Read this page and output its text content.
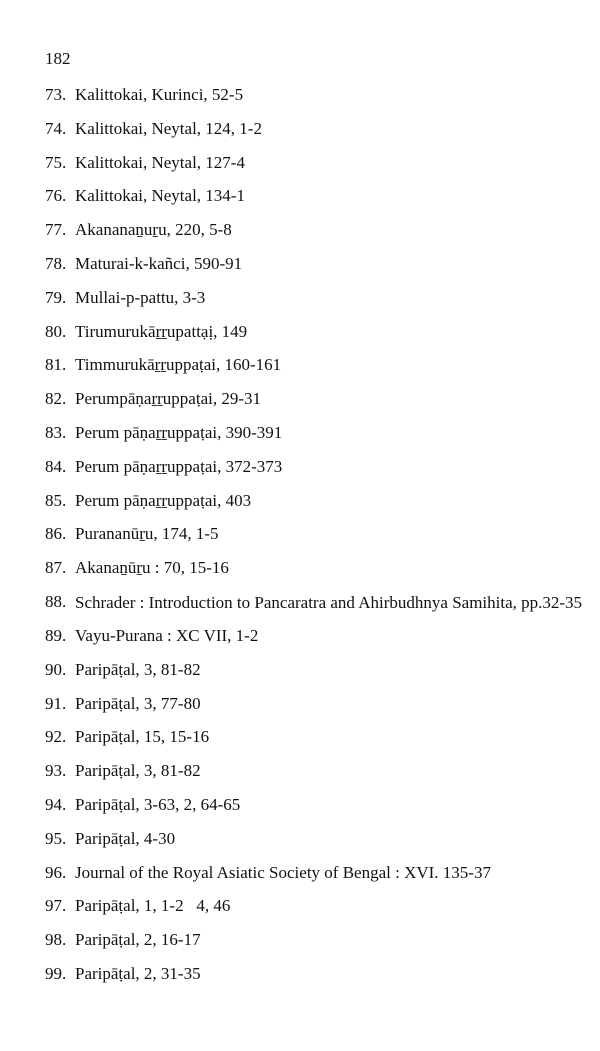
182
73. Kalittokai, Kurinci, 52-5
74. Kalittokai, Neytal, 124, 1-2
75. Kalittokai, Neytal, 127-4
76. Kalittokai, Neytal, 134-1
77. Akananaṉuṟu, 220, 5-8
78. Maturai-k-kañci, 590-91
79. Mullai-p-pattu, 3-3
80. Tirumurukāṟṟupattạị, 149
81. Timmurukāṟṟuppaṭai, 160-161
82. Perumpāṇaṟṟuppaṭai, 29-31
83. Perum pāṇaṟṟuppaṭai, 390-391
84. Perum pāṇaṟṟuppaṭai, 372-373
85. Perum pāṇaṟṟuppaṭai, 403
86. Purananūṟu, 174, 1-5
87. Akanaṉūṟu : 70, 15-16
88. Schrader : Introduction to Pancaratra and Ahirbudhnya Samihita, pp.32-35
89. Vayu-Purana : XC VII, 1-2
90. Paripāṭal, 3, 81-82
91. Paripāṭal, 3, 77-80
92. Paripāṭal, 15, 15-16
93. Paripāṭal, 3, 81-82
94. Paripāṭal, 3-63, 2, 64-65
95. Paripāṭal, 4-30
96. Journal of the Royal Asiatic Society of Bengal : XVI. 135-37
97. Paripāṭal, 1, 1-2   4, 46
98. Paripāṭal, 2, 16-17
99. Paripāṭal, 2, 31-35
